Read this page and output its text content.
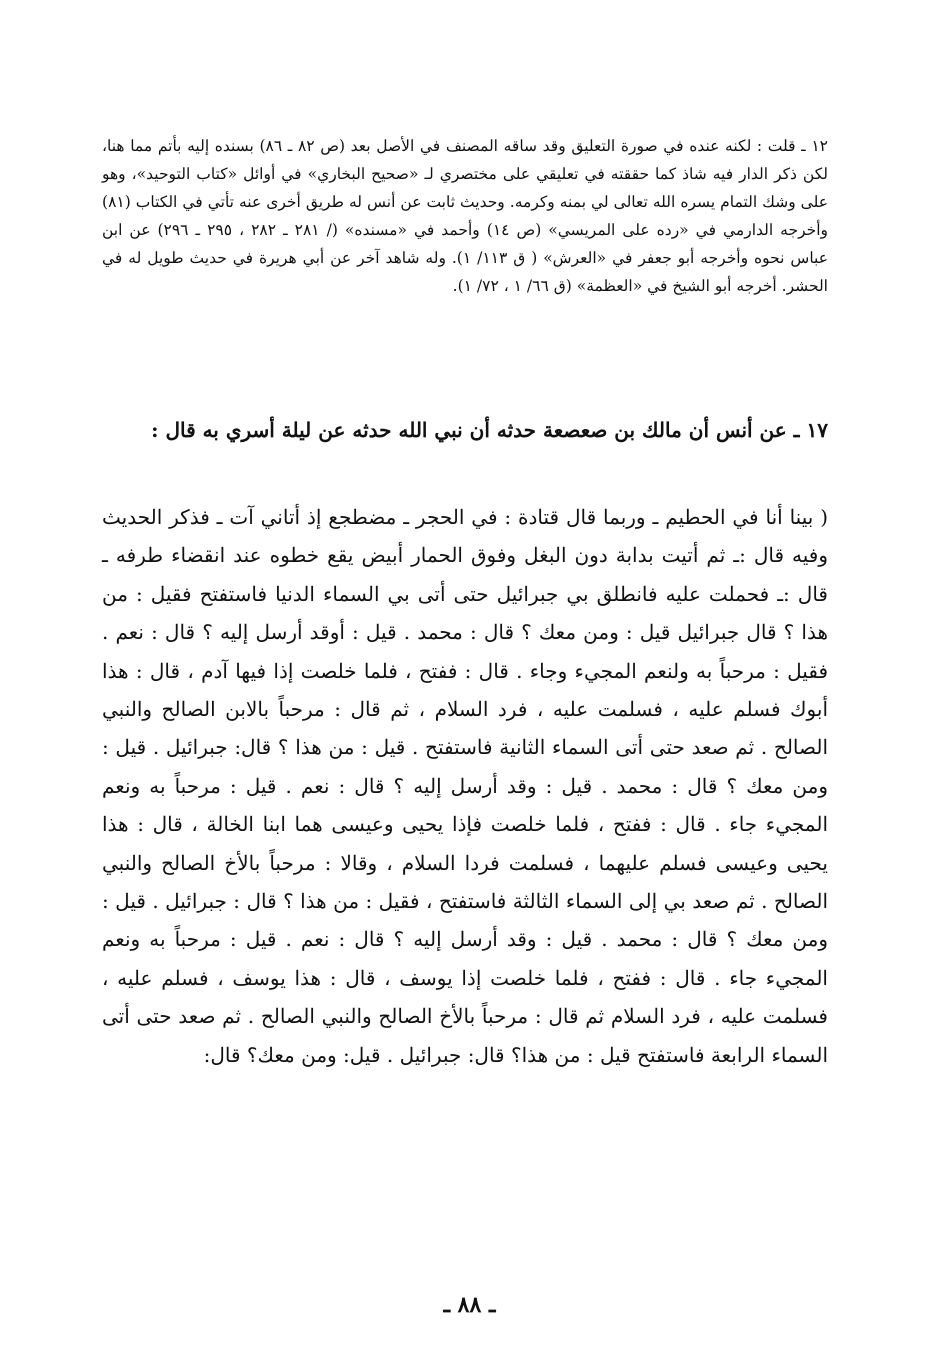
١٢ ـ قلت : لكنه عنده في صورة التعليق وقد ساقه المصنف في الأصل بعد (ص ٨٢ ـ ٨٦) بسنده إليه بأتم مما هنا، لكن ذكر الدار فيه شاذ كما حققته في تعليقي على مختصري لـ «صحيح البخاري» في أوائل «كتاب التوحيد»، وهو على وشك التمام يسره الله تعالى لي بمنه وكرمه. وحديث ثابت عن أنس له طريق أخرى عنه تأتي في الكتاب (٨١) وأخرجه الدارمي في «رده على المريسي» (ص ١٤) وأحمد في «مسنده» (/ ٢٨١ ـ ٢٨٢ ، ٢٩٥ ـ ٢٩٦) عن ابن عباس نحوه وأخرجه أبو جعفر في «العرش» ( ق ١١٣/ ١). وله شاهد آخر عن أبي هريرة في حديث طويل له في الحشر. أخرجه أبو الشيخ في «العظمة» (ق ٦٦/ ١ ، ٧٢/ ١).

١٧ ـ عن أنس أن مالك بن صعصعة حدثه أن نبي الله حدثه عن ليلة أسري به قال :

( بينا أنا في الحطيم ـ وربما قال قتادة : في الحجر ـ مضطجع إذ أتاني آت ـ فذكر الحديث وفيه قال :ـ ثم أتيت بدابة دون البغل وفوق الحمار أبيض يقع خطوه عند انقضاء طرفه ـ قال :ـ فحملت عليه فانطلق بي جبرائيل حتى أتى بي السماء الدنيا فاستفتح فقيل : من هذا ؟ قال جبرائيل قيل : ومن معك ؟ قال : محمد . قيل : أوقد أرسل إليه ؟ قال : نعم . فقيل : مرحباً به ولنعم المجيء وجاء . قال : ففتح ، فلما خلصت إذا فيها آدم ، قال : هذا أبوك فسلم عليه ، فسلمت عليه ، فرد السلام ، ثم قال : مرحباً بالابن الصالح والنبي الصالح . ثم صعد حتى أتى السماء الثانية فاستفتح . قيل : من هذا ؟ قال: جبرائيل . قيل : ومن معك ؟ قال : محمد . قيل : وقد أرسل إليه ؟ قال : نعم . قيل : مرحباً به ونعم المجيء جاء . قال : ففتح ، فلما خلصت فإذا يحيى وعيسى هما ابنا الخالة ، قال : هذا يحيى وعيسى فسلم عليهما ، فسلمت فردا السلام ، وقالا : مرحباً بالأخ الصالح والنبي الصالح . ثم صعد بي إلى السماء الثالثة فاستفتح ، فقيل : من هذا ؟ قال : جبرائيل . قيل : ومن معك ؟ قال : محمد . قيل : وقد أرسل إليه ؟ قال : نعم . قيل : مرحباً به ونعم المجيء جاء . قال : ففتح ، فلما خلصت إذا يوسف ، قال : هذا يوسف ، فسلم عليه ، فسلمت عليه ، فرد السلام ثم قال : مرحباً بالأخ الصالح والنبي الصالح . ثم صعد حتى أتى السماء الرابعة فاستفتح قيل : من هذا؟ قال: جبرائيل . قيل: ومن معك؟ قال:

ـ ٨٨ ـ
